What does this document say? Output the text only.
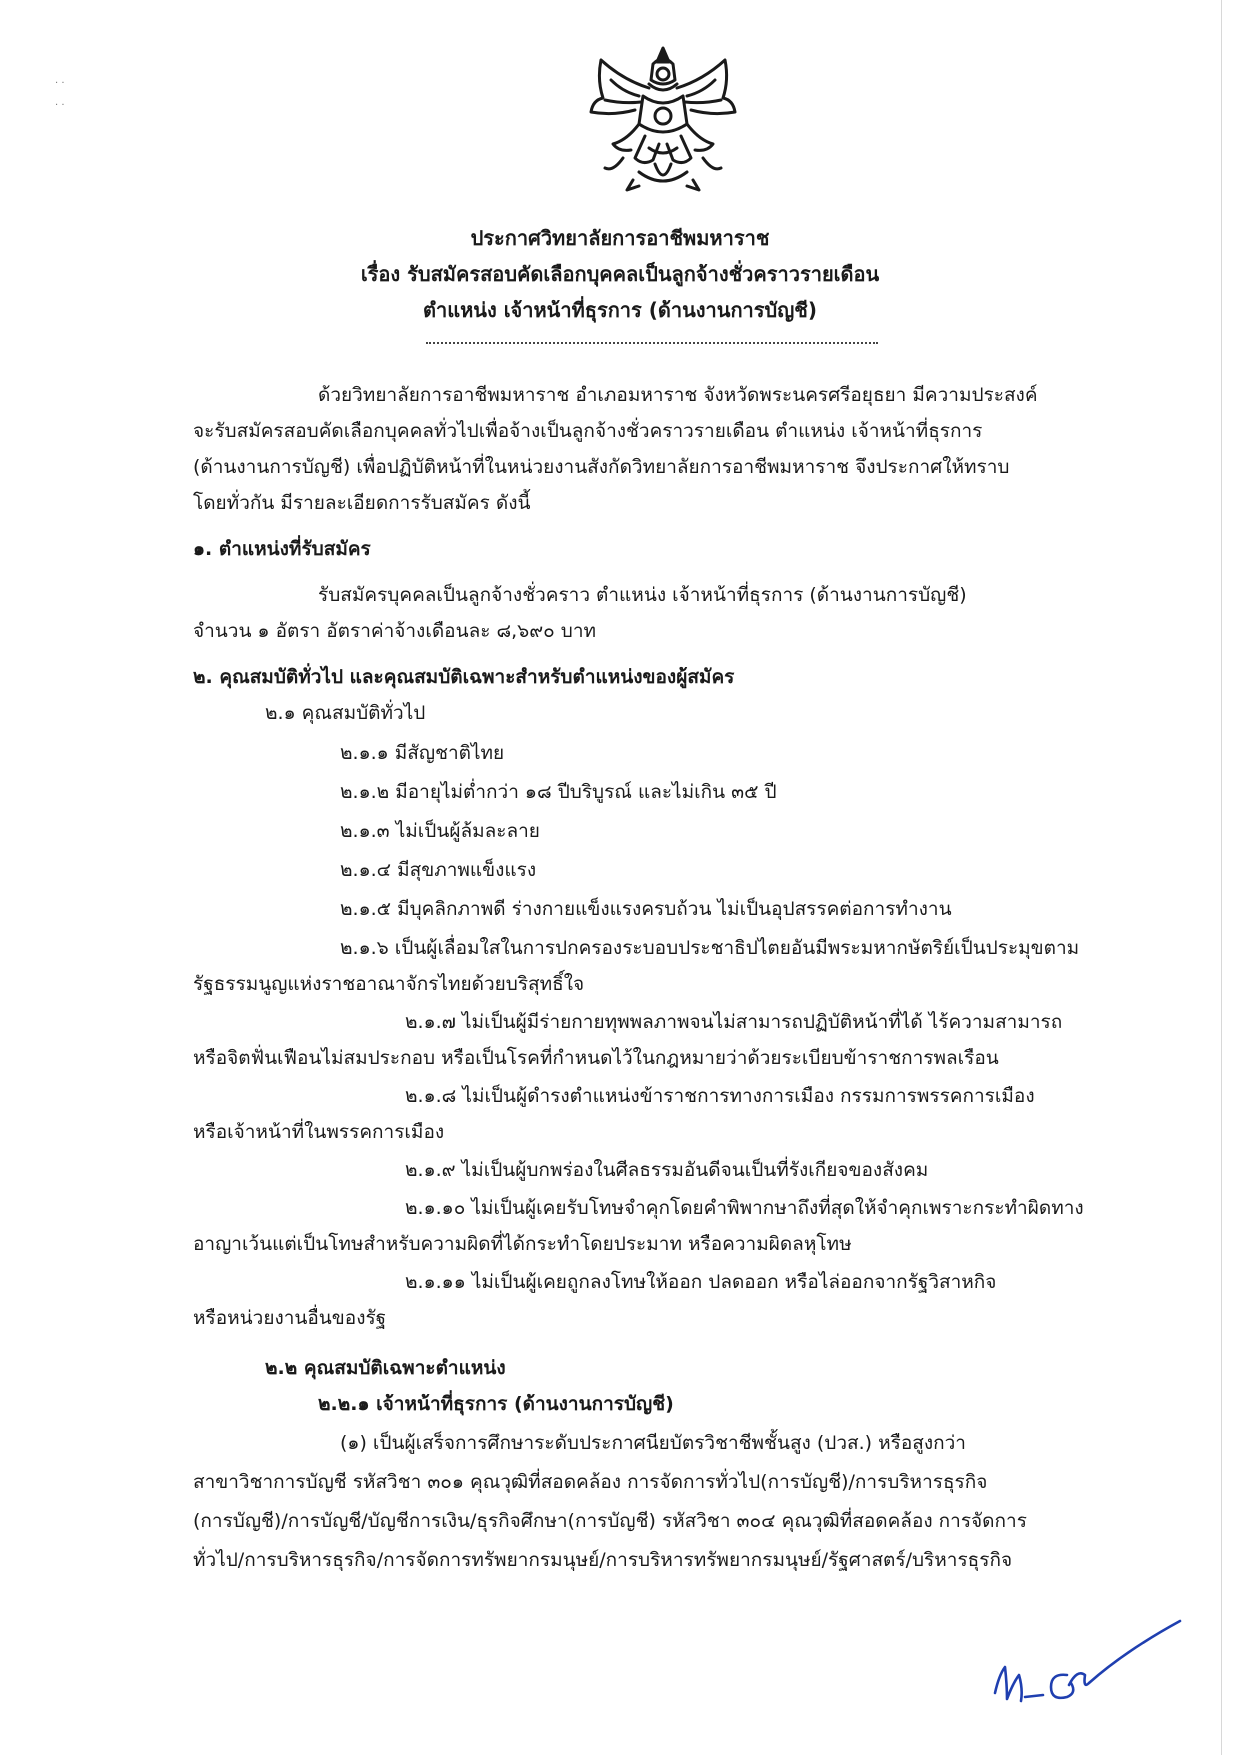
· ·

· ·
ประกาศวิทยาลัยการอาชีพมหาราช
เรื่อง รับสมัครสอบคัดเลือกบุคคลเป็นลูกจ้างชั่วคราวรายเดือน
ตำแหน่ง เจ้าหน้าที่ธุรการ (ด้านงานการบัญชี)
ด้วยวิทยาลัยการอาชีพมหาราช อำเภอมหาราช จังหวัดพระนครศรีอยุธยา มีความประสงค์
จะรับสมัครสอบคัดเลือกบุคคลทั่วไปเพื่อจ้างเป็นลูกจ้างชั่วคราวรายเดือน ตำแหน่ง เจ้าหน้าที่ธุรการ
(ด้านงานการบัญชี) เพื่อปฏิบัติหน้าที่ในหน่วยงานสังกัดวิทยาลัยการอาชีพมหาราช จึงประกาศให้ทราบ
โดยทั่วกัน มีรายละเอียดการรับสมัคร ดังนี้
๑. ตำแหน่งที่รับสมัคร
รับสมัครบุคคลเป็นลูกจ้างชั่วคราว ตำแหน่ง เจ้าหน้าที่ธุรการ (ด้านงานการบัญชี)
จำนวน ๑ อัตรา อัตราค่าจ้างเดือนละ ๘,๖๙๐ บาท
๒. คุณสมบัติทั่วไป และคุณสมบัติเฉพาะสำหรับตำแหน่งของผู้สมัคร
๒.๑ คุณสมบัติทั่วไป
๒.๑.๑ มีสัญชาติไทย
๒.๑.๒ มีอายุไม่ต่ำกว่า ๑๘ ปีบริบูรณ์ และไม่เกิน ๓๕ ปี
๒.๑.๓ ไม่เป็นผู้ล้มละลาย
๒.๑.๔ มีสุขภาพแข็งแรง
๒.๑.๕ มีบุคลิกภาพดี ร่างกายแข็งแรงครบถ้วน ไม่เป็นอุปสรรคต่อการทำงาน
๒.๑.๖ เป็นผู้เลื่อมใสในการปกครองระบอบประชาธิปไตยอันมีพระมหากษัตริย์เป็นประมุขตาม
รัฐธรรมนูญแห่งราชอาณาจักรไทยด้วยบริสุทธิ์ใจ
๒.๑.๗ ไม่เป็นผู้มีร่ายกายทุพพลภาพจนไม่สามารถปฏิบัติหน้าที่ได้ ไร้ความสามารถ
หรือจิตฟั่นเฟือนไม่สมประกอบ หรือเป็นโรคที่กำหนดไว้ในกฎหมายว่าด้วยระเบียบข้าราชการพลเรือน
๒.๑.๘ ไม่เป็นผู้ดำรงตำแหน่งข้าราชการทางการเมือง กรรมการพรรคการเมือง
หรือเจ้าหน้าที่ในพรรคการเมือง
๒.๑.๙ ไม่เป็นผู้บกพร่องในศีลธรรมอันดีจนเป็นที่รังเกียจของสังคม
๒.๑.๑๐ ไม่เป็นผู้เคยรับโทษจำคุกโดยคำพิพากษาถึงที่สุดให้จำคุกเพราะกระทำผิดทาง
อาญาเว้นแต่เป็นโทษสำหรับความผิดที่ได้กระทำโดยประมาท หรือความผิดลหุโทษ
๒.๑.๑๑ ไม่เป็นผู้เคยถูกลงโทษให้ออก ปลดออก หรือไล่ออกจากรัฐวิสาหกิจ
หรือหน่วยงานอื่นของรัฐ
๒.๒ คุณสมบัติเฉพาะตำแหน่ง
๒.๒.๑ เจ้าหน้าที่ธุรการ (ด้านงานการบัญชี)
(๑) เป็นผู้เสร็จการศึกษาระดับประกาศนียบัตรวิชาชีพชั้นสูง (ปวส.) หรือสูงกว่า
สาขาวิชาการบัญชี รหัสวิชา ๓๐๑ คุณวุฒิที่สอดคล้อง การจัดการทั่วไป(การบัญชี)/การบริหารธุรกิจ
(การบัญชี)/การบัญชี/บัญชีการเงิน/ธุรกิจศึกษา(การบัญชี) รหัสวิชา ๓๐๔ คุณวุฒิที่สอดคล้อง การจัดการ
ทั่วไป/การบริหารธุรกิจ/การจัดการทรัพยากรมนุษย์/การบริหารทรัพยากรมนุษย์/รัฐศาสตร์/บริหารธุรกิจ
